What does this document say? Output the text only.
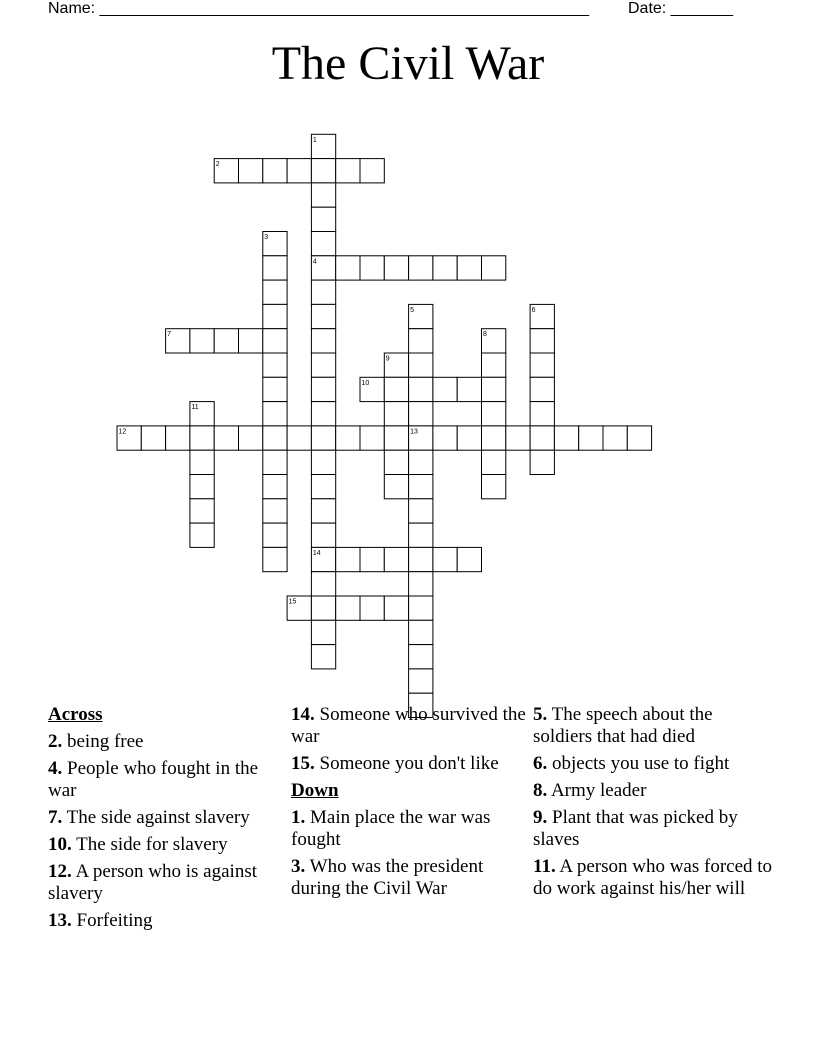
Name: _______________________________________________________ Date: _______
The Civil War
1
2
3
4
5	6
7	8
9
10
11
12	13
14
15
Across
2. being free
4. People who fought in the war
7. The side against slavery
10. The side for slavery
12. A person who is against slavery
13. Forfeiting
14. Someone who survived the war
15. Someone you don't like
Down
1. Main place the war was fought
3. Who was the president during the Civil War
5. The speech about the soldiers that had died
6. objects you use to fight
8. Army leader
9. Plant that was picked by slaves
11. A person who was forced to do work against his/her will
